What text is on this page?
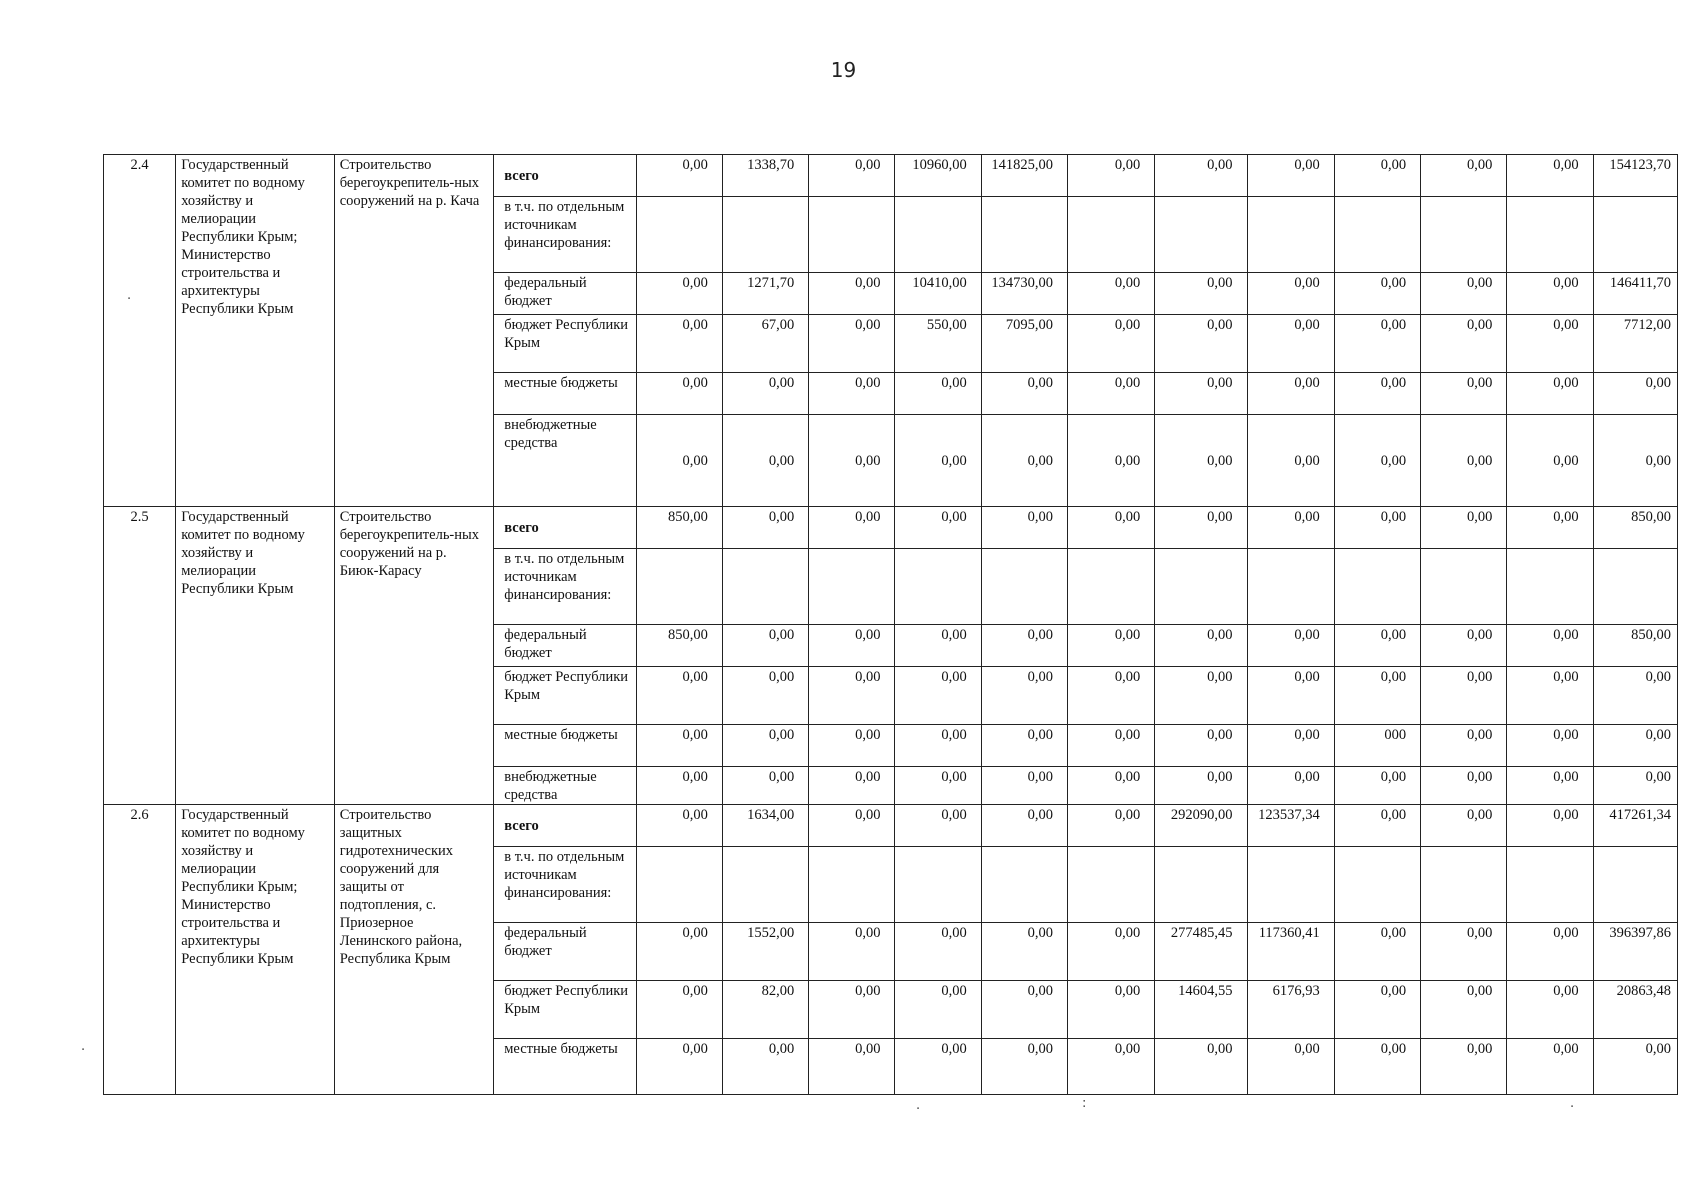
19
2.4	Государственный комитет по водному хозяйству и мелиорации Республики Крым; Министерство строительства и архитектуры Республики Крым	Строительство берегоукрепитель-ных сооружений на р. Кача	всего	0,00	1338,70	0,00	10960,00	141825,00	0,00	0,00	0,00	0,00	0,00	0,00	154123,70
			в т.ч. по отдельным источникам финансирования:												
			федеральный бюджет	0,00	1271,70	0,00	10410,00	134730,00	0,00	0,00	0,00	0,00	0,00	0,00	146411,70
			бюджет Республики Крым	0,00	67,00	0,00	550,00	7095,00	0,00	0,00	0,00	0,00	0,00	0,00	7712,00
			местные бюджеты	0,00	0,00	0,00	0,00	0,00	0,00	0,00	0,00	0,00	0,00	0,00	0,00
			внебюджетные средства	0,00	0,00	0,00	0,00	0,00	0,00	0,00	0,00	0,00	0,00	0,00	0,00
2.5	Государственный комитет по водному хозяйству и мелиорации Республики Крым	Строительство берегоукрепитель-ных сооружений на р. Биюк-Карасу	всего	850,00	0,00	0,00	0,00	0,00	0,00	0,00	0,00	0,00	0,00	0,00	850,00
			в т.ч. по отдельным источникам финансирования:												
			федеральный бюджет	850,00	0,00	0,00	0,00	0,00	0,00	0,00	0,00	0,00	0,00	0,00	850,00
			бюджет Республики Крым	0,00	0,00	0,00	0,00	0,00	0,00	0,00	0,00	0,00	0,00	0,00	0,00
			местные бюджеты	0,00	0,00	0,00	0,00	0,00	0,00	0,00	0,00	000	0,00	0,00	0,00
			внебюджетные средства	0,00	0,00	0,00	0,00	0,00	0,00	0,00	0,00	0,00	0,00	0,00	0,00
2.6	Государственный комитет по водному хозяйству и мелиорации Республики Крым; Министерство строительства и архитектуры Республики Крым	Строительство защитных гидротехнических сооружений для защиты от подтопления, с. Приозерное Ленинского района, Республика Крым	всего	0,00	1634,00	0,00	0,00	0,00	0,00	292090,00	123537,34	0,00	0,00	0,00	417261,34
			в т.ч. по отдельным источникам финансирования:												
			федеральный бюджет	0,00	1552,00	0,00	0,00	0,00	0,00	277485,45	117360,41	0,00	0,00	0,00	396397,86
			бюджет Республики Крым	0,00	82,00	0,00	0,00	0,00	0,00	14604,55	6176,93	0,00	0,00	0,00	20863,48
			местные бюджеты	0,00	0,00	0,00	0,00	0,00	0,00	0,00	0,00	0,00	0,00	0,00	0,00
·
·
·	:	·
